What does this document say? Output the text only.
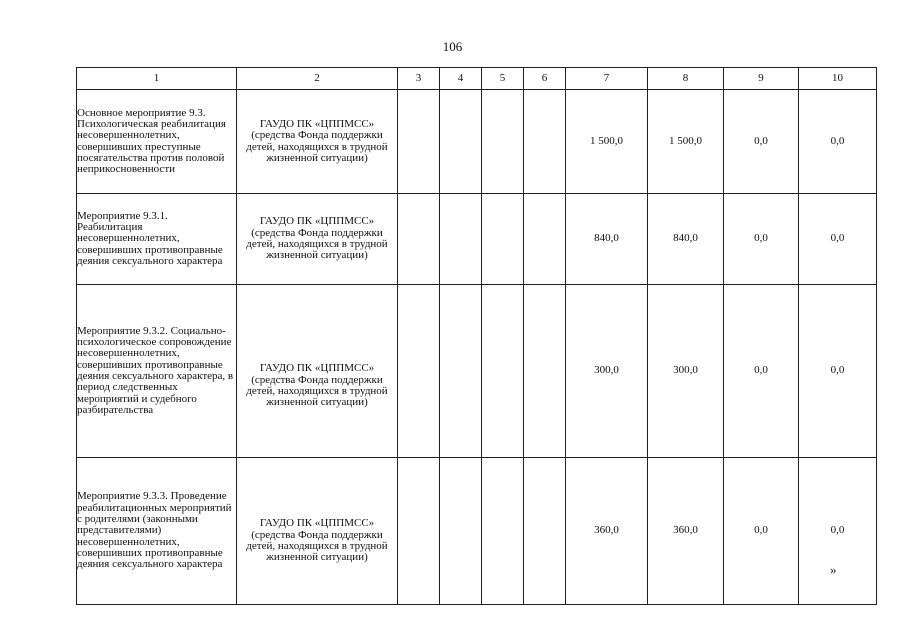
106
1	2	3	4	5	6	7	8	9	10
Основное мероприятие 9.3. Психологическая реабилитация несовершеннолетних, совершивших преступные посягательства против половой неприкосновенности	ГАУДО ПК «ЦППМСС» (средства Фонда поддержки детей, находящихся в трудной жизненной ситуации)					1 500,0	1 500,0	0,0	0,0
Мероприятие 9.3.1. Реабилитация несовершеннолетних, совершивших противоправные деяния сексуального характера	ГАУДО ПК «ЦППМСС» (средства Фонда поддержки детей, находящихся в трудной жизненной ситуации)					840,0	840,0	0,0	0,0
Мероприятие 9.3.2. Социально-психологическое сопровождение несовершеннолетних, совершивших противоправные деяния сексуального характера, в период следственных мероприятий и судебного разбирательства	ГАУДО ПК «ЦППМСС» (средства Фонда поддержки детей, находящихся в трудной жизненной ситуации)					300,0	300,0	0,0	0,0
Мероприятие 9.3.3. Проведение реабилитационных мероприятий с родителями (законными представителями) несовершеннолетних, совершивших противоправные деяния сексуального характера	ГАУДО ПК «ЦППМСС» (средства Фонда поддержки детей, находящихся в трудной жизненной ситуации)					360,0	360,0	0,0	0,0
»
